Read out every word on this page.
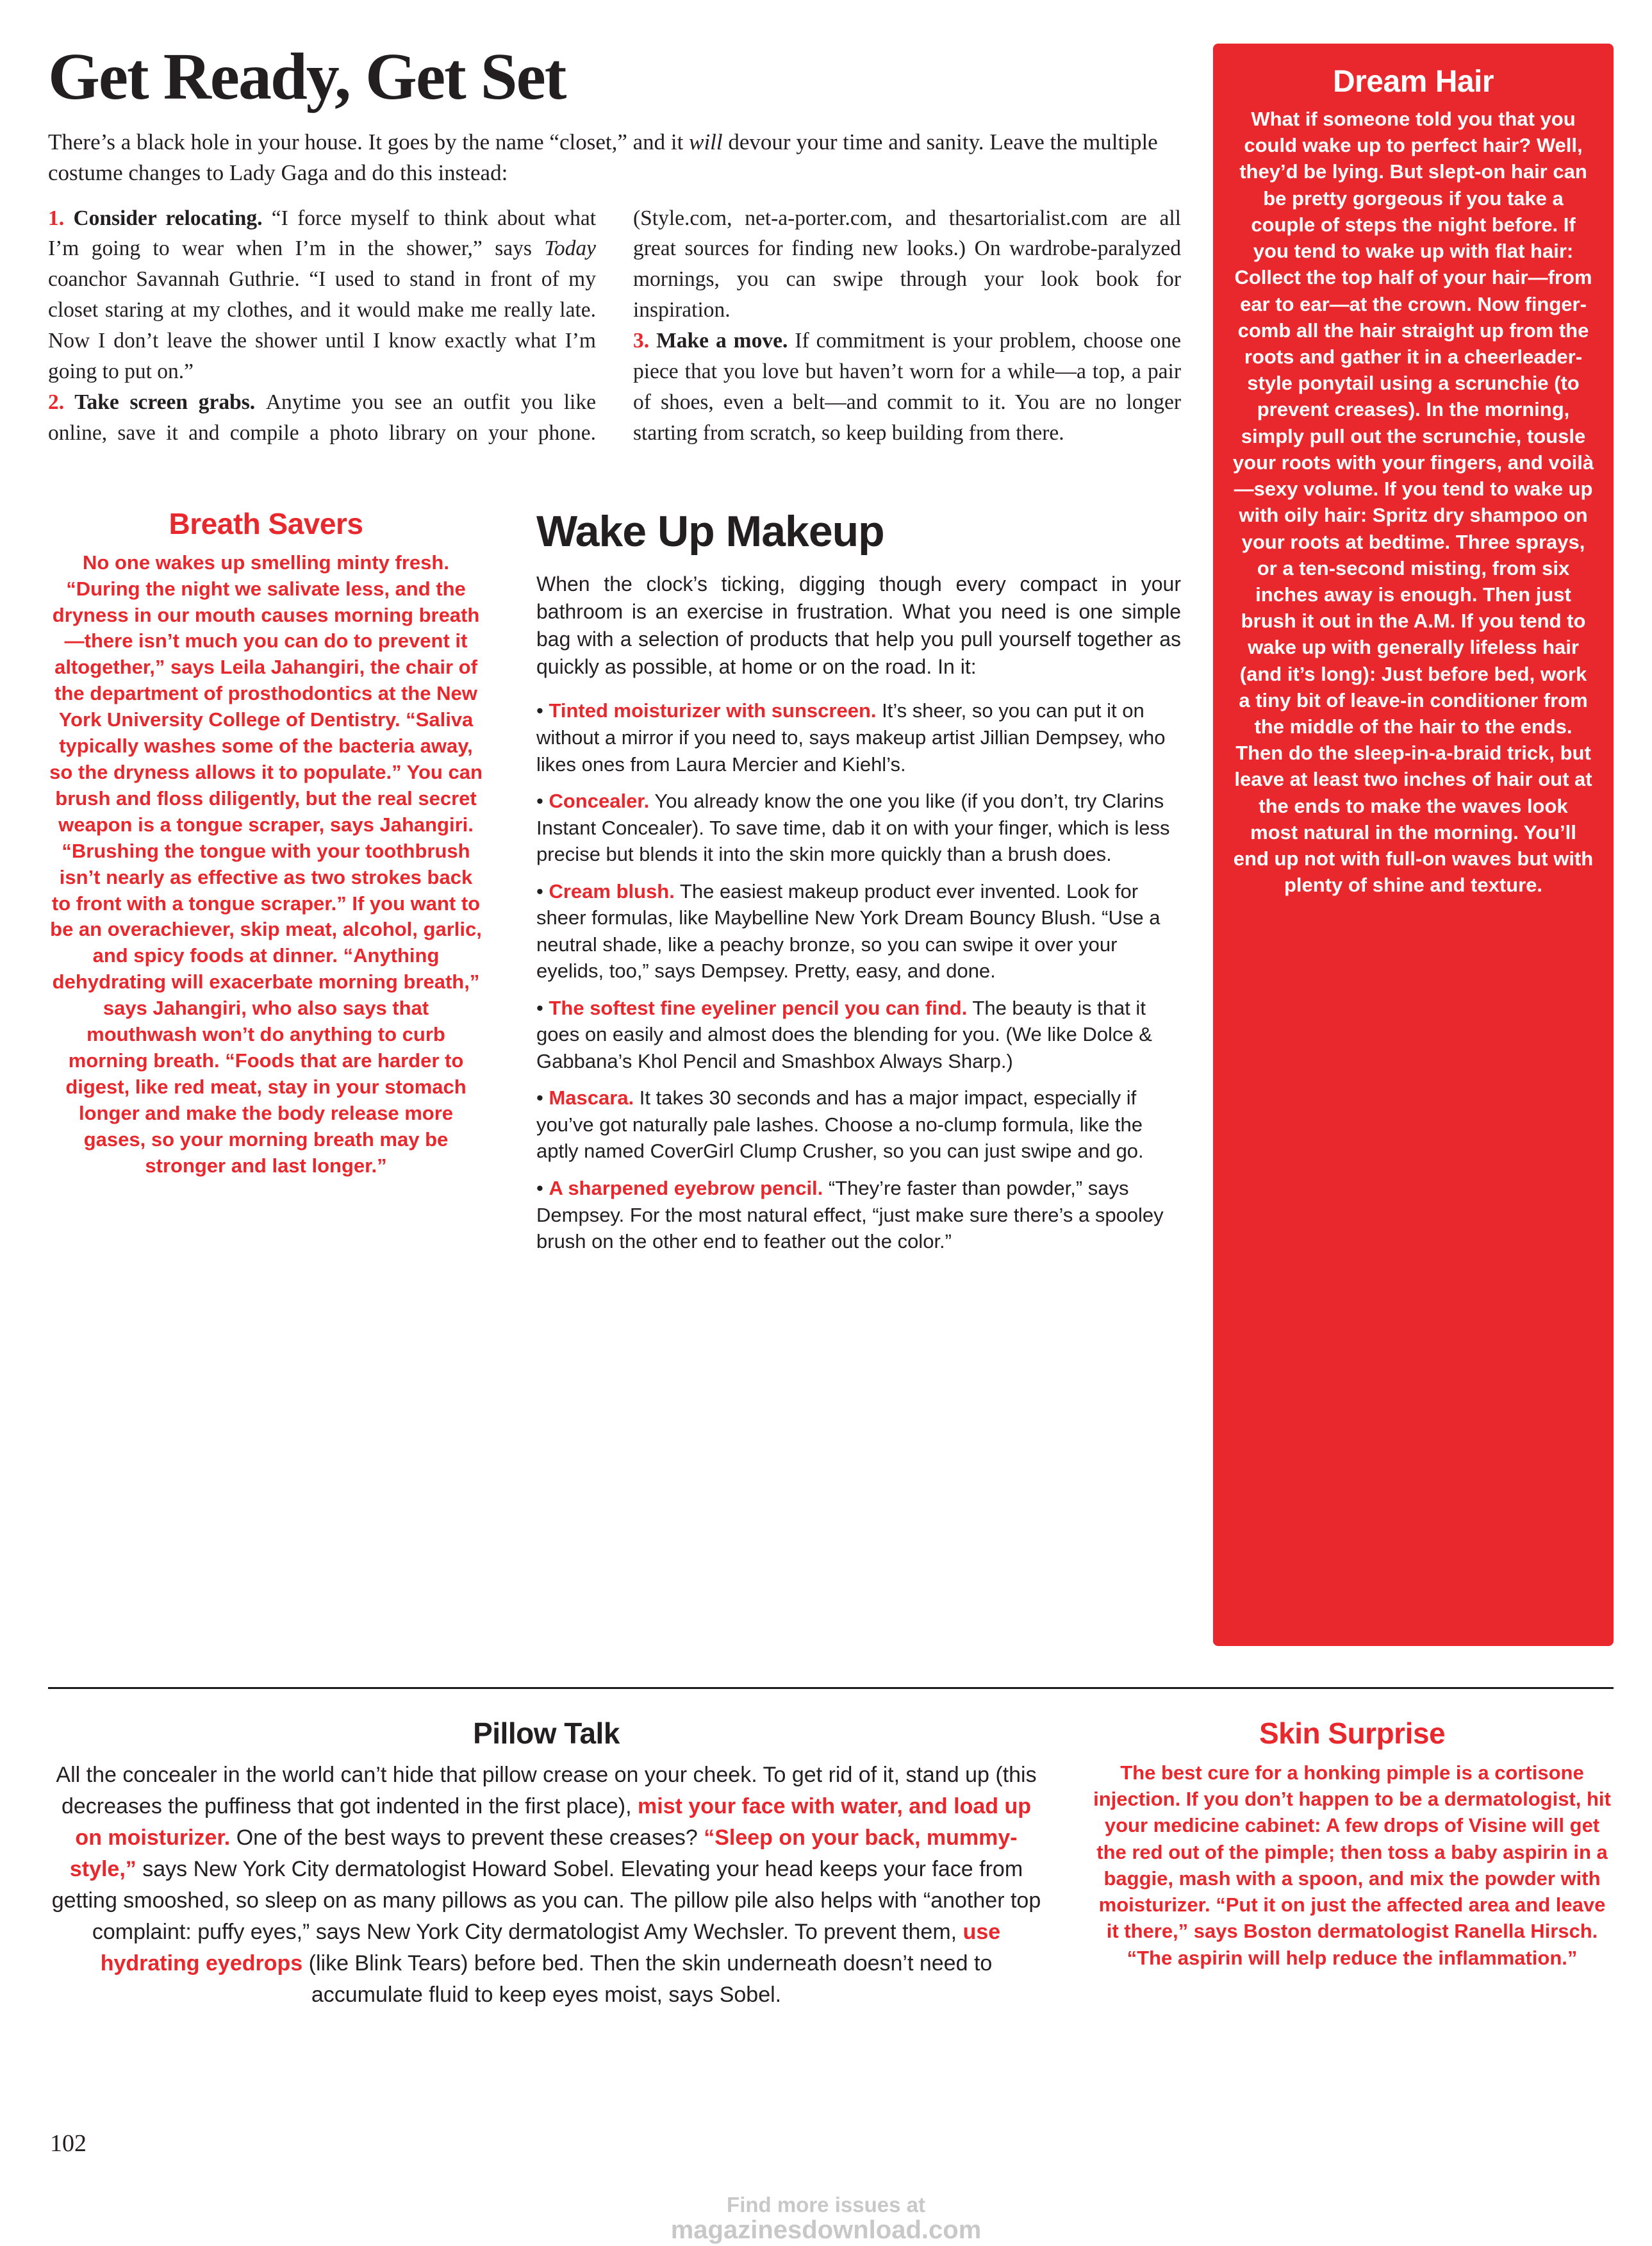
Get Ready, Get Set

There’s a black hole in your house. It goes by the name “closet,” and it will devour your time and sanity. Leave the multiple costume changes to Lady Gaga and do this instead:

1. Consider relocating. “I force myself to think about what I’m going to wear when I’m in the shower,” says Today coanchor Savannah Guthrie. “I used to stand in front of my closet staring at my clothes, and it would make me really late. Now I don’t leave the shower until I know exactly what I’m going to put on.”

2. Take screen grabs. Anytime you see an outfit you like online, save it and compile a photo library on your phone. (Style.com, net-a-porter.com, and thesartorialist.com are all great sources for finding new looks.) On wardrobe-paralyzed mornings, you can swipe through your look book for inspiration.

3. Make a move. If commitment is your problem, choose one piece that you love but haven’t worn for a while—a top, a pair of shoes, even a belt—and commit to it. You are no longer starting from scratch, so keep building from there.

Breath Savers

No one wakes up smelling minty fresh. “During the night we salivate less, and the dryness in our mouth causes morning breath—there isn’t much you can do to prevent it altogether,” says Leila Jahangiri, the chair of the department of prosthodontics at the New York University College of Dentistry. “Saliva typically washes some of the bacteria away, so the dryness allows it to populate.” You can brush and floss diligently, but the real secret weapon is a tongue scraper, says Jahangiri. “Brushing the tongue with your toothbrush isn’t nearly as effective as two strokes back to front with a tongue scraper.” If you want to be an overachiever, skip meat, alcohol, garlic, and spicy foods at dinner. “Anything dehydrating will exacerbate morning breath,” says Jahangiri, who also says that mouthwash won’t do anything to curb morning breath. “Foods that are harder to digest, like red meat, stay in your stomach longer and make the body release more gases, so your morning breath may be stronger and last longer.”

Wake Up Makeup

When the clock’s ticking, digging though every compact in your bathroom is an exercise in frustration. What you need is one simple bag with a selection of products that help you pull yourself together as quickly as possible, at home or on the road. In it:

• Tinted moisturizer with sunscreen. It’s sheer, so you can put it on without a mirror if you need to, says makeup artist Jillian Dempsey, who likes ones from Laura Mercier and Kiehl’s.

• Concealer. You already know the one you like (if you don’t, try Clarins Instant Concealer). To save time, dab it on with your finger, which is less precise but blends it into the skin more quickly than a brush does.

• Cream blush. The easiest makeup product ever invented. Look for sheer formulas, like Maybelline New York Dream Bouncy Blush. “Use a neutral shade, like a peachy bronze, so you can swipe it over your eyelids, too,” says Dempsey. Pretty, easy, and done.

• The softest fine eyeliner pencil you can find. The beauty is that it goes on easily and almost does the blending for you. (We like Dolce & Gabbana’s Khol Pencil and Smashbox Always Sharp.)

• Mascara. It takes 30 seconds and has a major impact, especially if you’ve got naturally pale lashes. Choose a no-clump formula, like the aptly named CoverGirl Clump Crusher, so you can just swipe and go.

• A sharpened eyebrow pencil. “They’re faster than powder,” says Dempsey. For the most natural effect, “just make sure there’s a spooley brush on the other end to feather out the color.”

Dream Hair

What if someone told you that you could wake up to perfect hair? Well, they’d be lying. But slept-on hair can be pretty gorgeous if you take a couple of steps the night before. If you tend to wake up with flat hair: Collect the top half of your hair—from ear to ear—at the crown. Now finger-comb all the hair straight up from the roots and gather it in a cheerleader-style ponytail using a scrunchie (to prevent creases). In the morning, simply pull out the scrunchie, tousle your roots with your fingers, and voilà—sexy volume. If you tend to wake up with oily hair: Spritz dry shampoo on your roots at bedtime. Three sprays, or a ten-second misting, from six inches away is enough. Then just brush it out in the A.M. If you tend to wake up with generally lifeless hair (and it’s long): Just before bed, work a tiny bit of leave-in conditioner from the middle of the hair to the ends. Then do the sleep-in-a-braid trick, but leave at least two inches of hair out at the ends to make the waves look most natural in the morning. You’ll end up not with full-on waves but with plenty of shine and texture.

Pillow Talk

All the concealer in the world can’t hide that pillow crease on your cheek. To get rid of it, stand up (this decreases the puffiness that got indented in the first place), mist your face with water, and load up on moisturizer. One of the best ways to prevent these creases? “Sleep on your back, mummy-style,” says New York City dermatologist Howard Sobel. Elevating your head keeps your face from getting smooshed, so sleep on as many pillows as you can. The pillow pile also helps with “another top complaint: puffy eyes,” says New York City dermatologist Amy Wechsler. To prevent them, use hydrating eyedrops (like Blink Tears) before bed. Then the skin underneath doesn’t need to accumulate fluid to keep eyes moist, says Sobel.

Skin Surprise

The best cure for a honking pimple is a cortisone injection. If you don’t happen to be a dermatologist, hit your medicine cabinet: A few drops of Visine will get the red out of the pimple; then toss a baby aspirin in a baggie, mash with a spoon, and mix the powder with moisturizer. “Put it on just the affected area and leave it there,” says Boston dermatologist Ranella Hirsch. “The aspirin will help reduce the inflammation.”

102
Find more issues at
magazinesdownload.com
